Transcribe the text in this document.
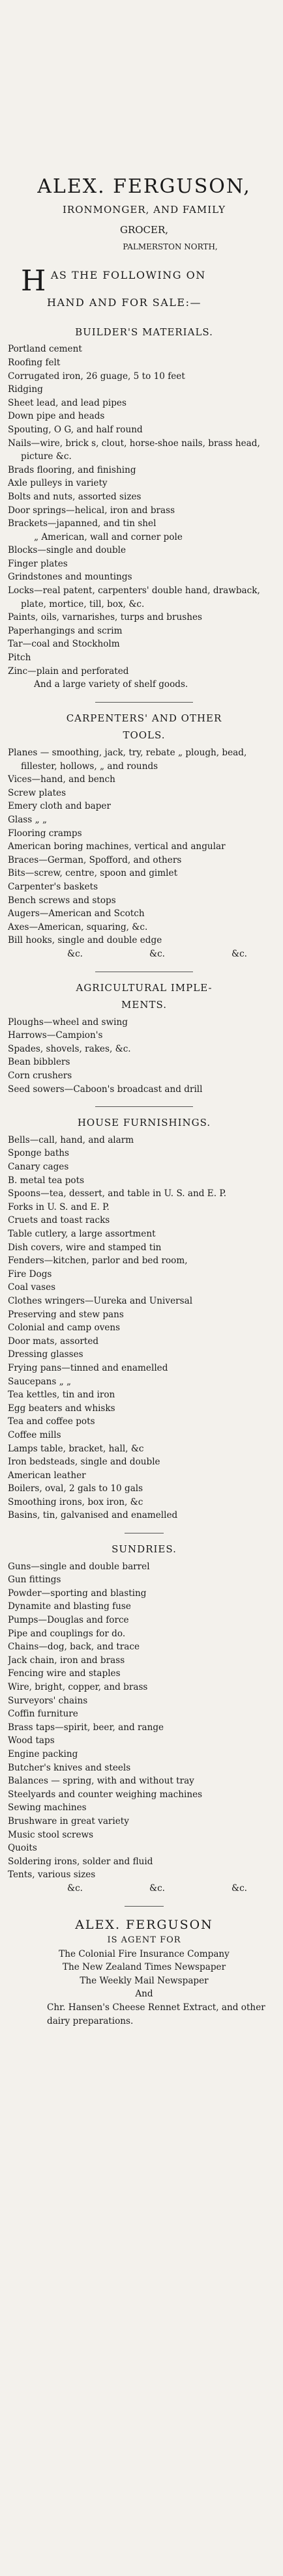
ALEX. FERGUSON,
IRONMONGER, AND FAMILY
GROCER,
PALMERSTON NORTH,
H AS THE FOLLOWING ON
HAND AND FOR SALE:—
BUILDER'S MATERIALS.

Portland cement

Roofing felt

Corrugated iron, 26 guage, 5 to 10 feet

Ridging

Sheet lead, and lead pipes

Down pipe and heads

Spouting, O G, and half round

Nails—wire, brick s, clout, horse-shoe nails, brass head, picture &c.

Brads flooring, and finishing

Axle pulleys in variety

Bolts and nuts, assorted sizes

Door springs—helical, iron and brass

Brackets—japanned, and tin shel

„ American, wall and corner pole

Blocks—single and double

Finger plates

Grindstones and mountings

Locks—real patent, carpenters' double hand, drawback, plate, mortice, till, box, &c.

Paints, oils, varnarishes, turps and brushes

Paperhangings and scrim

Tar—coal and Stockholm

Pitch

Zinc—plain and perforated

And a large variety of shelf goods.

CARPENTERS' AND OTHER
TOOLS.

Planes — smoothing, jack, try, rebate „ plough, bead, fillester, hollows, „ and rounds

Vices—hand, and bench

Screw plates

Emery cloth and baper

Glass „ „

Flooring cramps

American boring machines, vertical and angular

Braces—German, Spofford, and others

Bits—screw, centre, spoon and gimlet

Carpenter's baskets

Bench screws and stops

Augers—American and Scotch

Axes—American, squaring, &c.

Bill hooks, single and double edge

&c.	&c.	&c.
AGRICULTURAL IMPLE-
MENTS.

Ploughs—wheel and swing

Harrows—Campion's

Spades, shovels, rakes, &c.

Bean bibblers

Corn crushers

Seed sowers—Caboon's broadcast and drill

HOUSE FURNISHINGS.

Bells—call, hand, and alarm

Sponge baths

Canary cages

B. metal tea pots

Spoons—tea, dessert, and table in U. S. and E. P.

Forks in U. S. and E. P.

Cruets and toast racks

Table cutlery, a large assortment

Dish covers, wire and stamped tin

Fenders—kitchen, parlor and bed room,

Fire Dogs

Coal vases

Clothes wringers—Uureka and Universal

Preserving and stew pans

Colonial and camp ovens

Door mats, assorted

Dressing glasses

Frying pans—tinned and enamelled

Saucepans „ „

Tea kettles, tin and iron

Egg beaters and whisks

Tea and coffee pots

Coffee mills

Lamps table, bracket, hall, &c

Iron bedsteads, single and double

American leather

Boilers, oval, 2 gals to 10 gals

Smoothing irons, box iron, &c

Basins, tin, galvanised and enamelled

SUNDRIES.

Guns—single and double barrel

Gun fittings

Powder—sporting and blasting

Dynamite and blasting fuse

Pumps—Douglas and force

Pipe and couplings for do.

Chains—dog, back, and trace

Jack chain, iron and brass

Fencing wire and staples

Wire, bright, copper, and brass

Surveyors' chains

Coffin furniture

Brass taps—spirit, beer, and range

Wood taps

Engine packing

Butcher's knives and steels

Balances — spring, with and without tray

Steelyards and counter weighing machines

Sewing machines

Brushware in great variety

Music stool screws

Quoits

Soldering irons, solder and fluid

Tents, various sizes

&c.	&c.	&c.
ALEX. FERGUSON
IS AGENT FOR
The Colonial Fire Insurance Company
The New Zealand Times Newspaper
The Weekly Mail Newspaper
And
Chr. Hansen's Cheese Rennet Extract, and other dairy preparations.
